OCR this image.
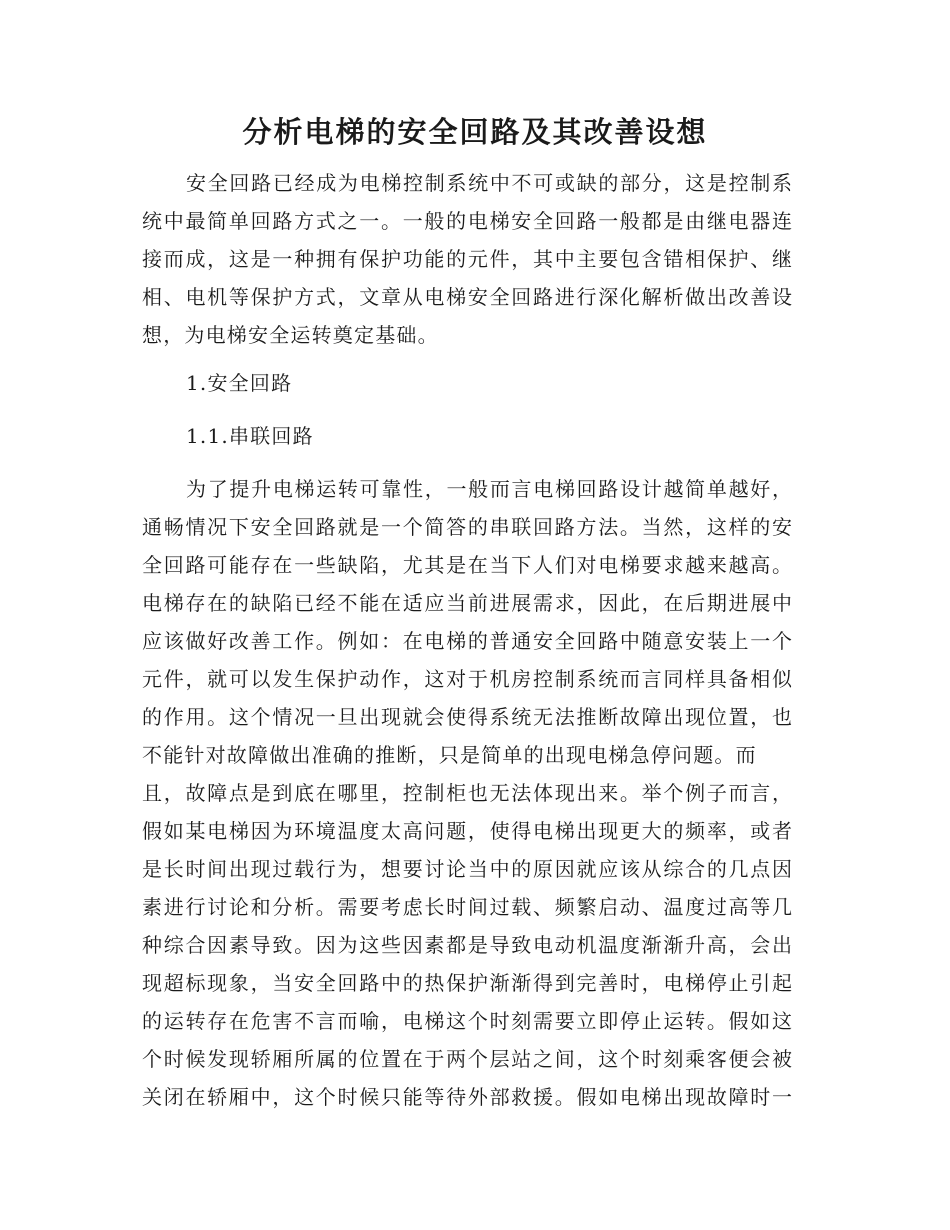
分析电梯的安全回路及其改善设想
安全回路已经成为电梯控制系统中不可或缺的部分，这是控制系
统中最简单回路方式之一。一般的电梯安全回路一般都是由继电器连
接而成，这是一种拥有保护功能的元件，其中主要包含错相保护、继
相、电机等保护方式，文章从电梯安全回路进行深化解析做出改善设
想，为电梯安全运转奠定基础。
1.安全回路
1.1.串联回路
为了提升电梯运转可靠性，一般而言电梯回路设计越简单越好，
通畅情况下安全回路就是一个简答的串联回路方法。当然，这样的安
全回路可能存在一些缺陷，尤其是在当下人们对电梯要求越来越高。
电梯存在的缺陷已经不能在适应当前进展需求，因此，在后期进展中
应该做好改善工作。例如：在电梯的普通安全回路中随意安装上一个
元件，就可以发生保护动作，这对于机房控制系统而言同样具备相似
的作用。这个情况一旦出现就会使得系统无法推断故障出现位置，也
不能针对故障做出准确的推断，只是简单的出现电梯急停问题。而
且，故障点是到底在哪里，控制柜也无法体现出来。举个例子而言，
假如某电梯因为环境温度太高问题，使得电梯出现更大的频率，或者
是长时间出现过载行为，想要讨论当中的原因就应该从综合的几点因
素进行讨论和分析。需要考虑长时间过载、频繁启动、温度过高等几
种综合因素导致。因为这些因素都是导致电动机温度渐渐升高，会出
现超标现象，当安全回路中的热保护渐渐得到完善时，电梯停止引起
的运转存在危害不言而喻，电梯这个时刻需要立即停止运转。假如这
个时候发现轿厢所属的位置在于两个层站之间，这个时刻乘客便会被
关闭在轿厢中，这个时候只能等待外部救援。假如电梯出现故障时一
